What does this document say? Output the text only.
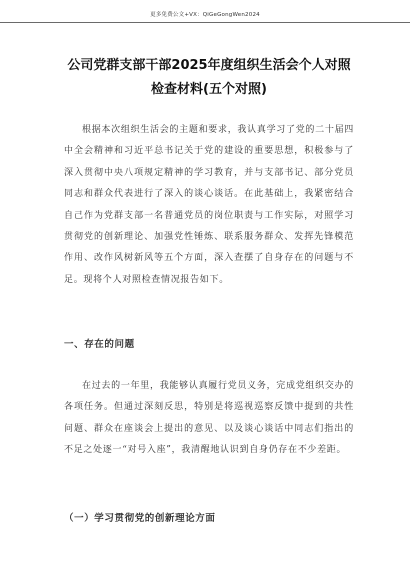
更多免费公文+VX：QiGeGongWen2024
公司党群支部干部2025年度组织生活会个人对照检查材料(五个对照)

根据本次组织生活会的主题和要求，我认真学习了党的二十届四中全会精神和习近平总书记关于党的建设的重要思想，积极参与了深入贯彻中央八项规定精神的学习教育，并与支部书记、部分党员同志和群众代表进行了深入的谈心谈话。在此基础上，我紧密结合自己作为党群支部一名普通党员的岗位职责与工作实际，对照学习贯彻党的创新理论、加强党性锤炼、联系服务群众、发挥先锋模范作用、改作风树新风等五个方面，深入查摆了自身存在的问题与不足。现将个人对照检查情况报告如下。

一、存在的问题

在过去的一年里，我能够认真履行党员义务，完成党组织交办的各项任务。但通过深刻反思，特别是将巡视巡察反馈中提到的共性问题、群众在座谈会上提出的意见、以及谈心谈话中同志们指出的不足之处逐一“对号入座”，我清醒地认识到自身仍存在不少差距。

（一）学习贯彻党的创新理论方面
